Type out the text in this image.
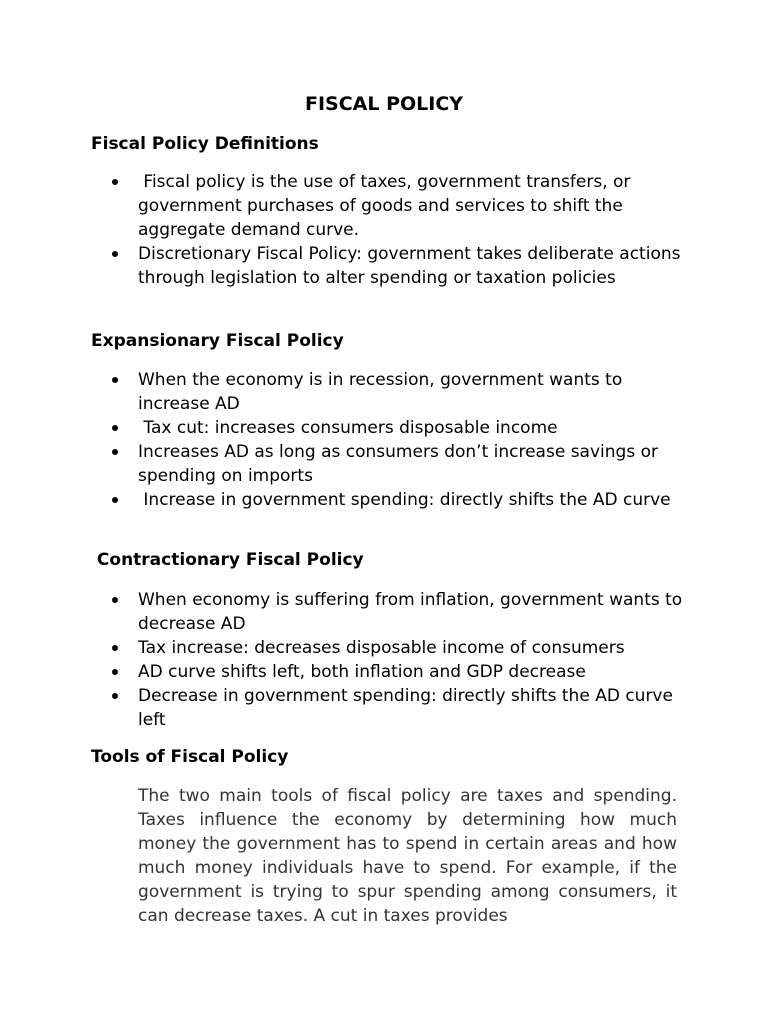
FISCAL POLICY
Fiscal Policy Definitions
Fiscal policy is the use of taxes, government transfers, or government purchases of goods and services to shift the aggregate demand curve.
Discretionary Fiscal Policy: government takes deliberate actions through legislation to alter spending or taxation policies
Expansionary Fiscal Policy
When the economy is in recession, government wants to increase AD
Tax cut: increases consumers disposable income
Increases AD as long as consumers don’t increase savings or spending on imports
Increase in government spending: directly shifts the AD curve
Contractionary Fiscal Policy
When economy is suffering from inflation, government wants to decrease AD
Tax increase: decreases disposable income of consumers
AD curve shifts left, both inflation and GDP decrease
Decrease in government spending: directly shifts the AD curve left
Tools of Fiscal Policy

The two main tools of fiscal policy are taxes and spending. Taxes influence the economy by determining how much money the government has to spend in certain areas and how much money individuals have to spend. For example, if the government is trying to spur spending among consumers, it can decrease taxes. A cut in taxes provides
